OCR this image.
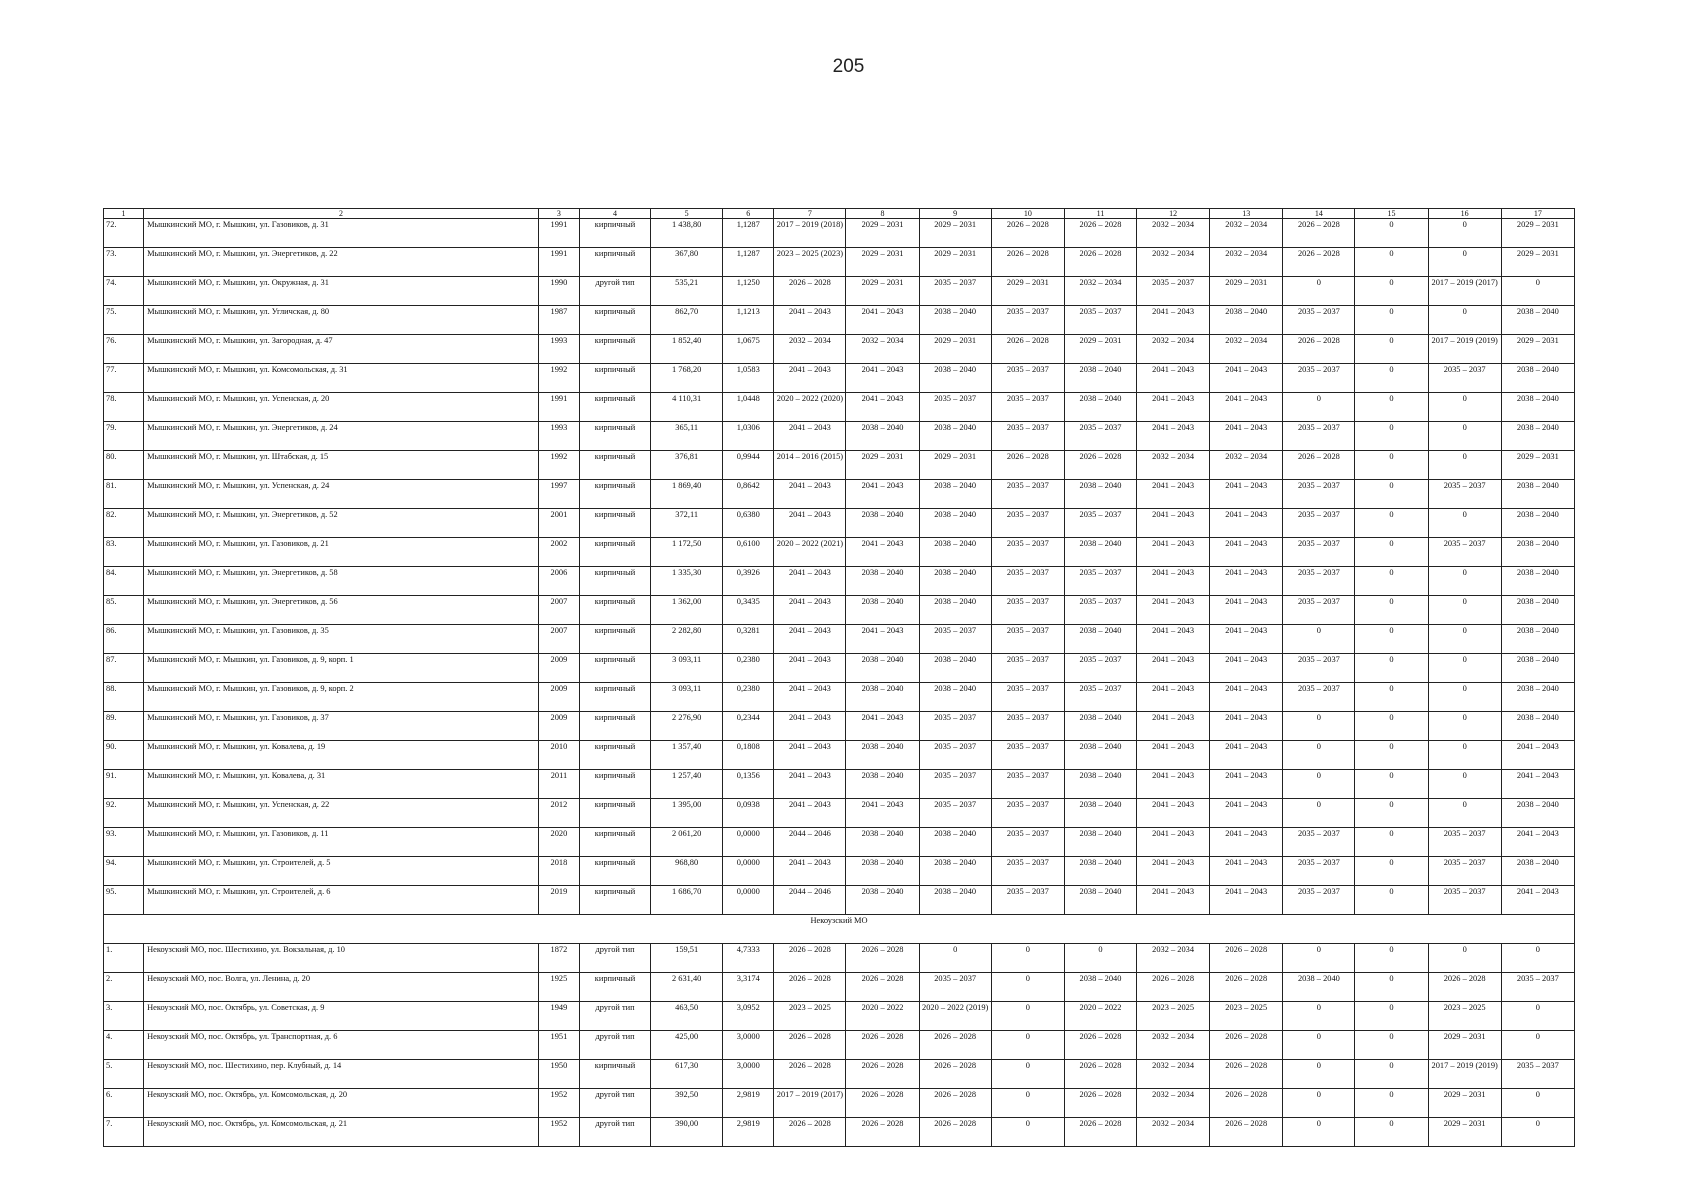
205
1	2	3	4	5	6	7	8	9	10	11	12	13	14	15	16	17
72.	Мышкинский МО, г. Мышкин, ул. Газовиков, д. 31	1991	кирпичный	1 438,80	1,1287	2017 – 2019 (2018)	2029 – 2031	2029 – 2031	2026 – 2028	2026 – 2028	2032 – 2034	2032 – 2034	2026 – 2028	0	0	2029 – 2031
73.	Мышкинский МО, г. Мышкин, ул. Энергетиков, д. 22	1991	кирпичный	367,80	1,1287	2023 – 2025 (2023)	2029 – 2031	2029 – 2031	2026 – 2028	2026 – 2028	2032 – 2034	2032 – 2034	2026 – 2028	0	0	2029 – 2031
74.	Мышкинский МО, г. Мышкин, ул. Окружная, д. 31	1990	другой тип	535,21	1,1250	2026 – 2028	2029 – 2031	2035 – 2037	2029 – 2031	2032 – 2034	2035 – 2037	2029 – 2031	0	0	2017 – 2019 (2017)	0
75.	Мышкинский МО, г. Мышкин, ул. Угличская, д. 80	1987	кирпичный	862,70	1,1213	2041 – 2043	2041 – 2043	2038 – 2040	2035 – 2037	2035 – 2037	2041 – 2043	2038 – 2040	2035 – 2037	0	0	2038 – 2040
76.	Мышкинский МО, г. Мышкин, ул. Загородная, д. 47	1993	кирпичный	1 852,40	1,0675	2032 – 2034	2032 – 2034	2029 – 2031	2026 – 2028	2029 – 2031	2032 – 2034	2032 – 2034	2026 – 2028	0	2017 – 2019 (2019)	2029 – 2031
77.	Мышкинский МО, г. Мышкин, ул. Комсомольская, д. 31	1992	кирпичный	1 768,20	1,0583	2041 – 2043	2041 – 2043	2038 – 2040	2035 – 2037	2038 – 2040	2041 – 2043	2041 – 2043	2035 – 2037	0	2035 – 2037	2038 – 2040
78.	Мышкинский МО, г. Мышкин, ул. Успенская, д. 20	1991	кирпичный	4 110,31	1,0448	2020 – 2022 (2020)	2041 – 2043	2035 – 2037	2035 – 2037	2038 – 2040	2041 – 2043	2041 – 2043	0	0	0	2038 – 2040
79.	Мышкинский МО, г. Мышкин, ул. Энергетиков, д. 24	1993	кирпичный	365,11	1,0306	2041 – 2043	2038 – 2040	2038 – 2040	2035 – 2037	2035 – 2037	2041 – 2043	2041 – 2043	2035 – 2037	0	0	2038 – 2040
80.	Мышкинский МО, г. Мышкин, ул. Штабская, д. 15	1992	кирпичный	376,81	0,9944	2014 – 2016 (2015)	2029 – 2031	2029 – 2031	2026 – 2028	2026 – 2028	2032 – 2034	2032 – 2034	2026 – 2028	0	0	2029 – 2031
81.	Мышкинский МО, г. Мышкин, ул. Успенская, д. 24	1997	кирпичный	1 869,40	0,8642	2041 – 2043	2041 – 2043	2038 – 2040	2035 – 2037	2038 – 2040	2041 – 2043	2041 – 2043	2035 – 2037	0	2035 – 2037	2038 – 2040
82.	Мышкинский МО, г. Мышкин, ул. Энергетиков, д. 52	2001	кирпичный	372,11	0,6380	2041 – 2043	2038 – 2040	2038 – 2040	2035 – 2037	2035 – 2037	2041 – 2043	2041 – 2043	2035 – 2037	0	0	2038 – 2040
83.	Мышкинский МО, г. Мышкин, ул. Газовиков, д. 21	2002	кирпичный	1 172,50	0,6100	2020 – 2022 (2021)	2041 – 2043	2038 – 2040	2035 – 2037	2038 – 2040	2041 – 2043	2041 – 2043	2035 – 2037	0	2035 – 2037	2038 – 2040
84.	Мышкинский МО, г. Мышкин, ул. Энергетиков, д. 58	2006	кирпичный	1 335,30	0,3926	2041 – 2043	2038 – 2040	2038 – 2040	2035 – 2037	2035 – 2037	2041 – 2043	2041 – 2043	2035 – 2037	0	0	2038 – 2040
85.	Мышкинский МО, г. Мышкин, ул. Энергетиков, д. 56	2007	кирпичный	1 362,00	0,3435	2041 – 2043	2038 – 2040	2038 – 2040	2035 – 2037	2035 – 2037	2041 – 2043	2041 – 2043	2035 – 2037	0	0	2038 – 2040
86.	Мышкинский МО, г. Мышкин, ул. Газовиков, д. 35	2007	кирпичный	2 282,80	0,3281	2041 – 2043	2041 – 2043	2035 – 2037	2035 – 2037	2038 – 2040	2041 – 2043	2041 – 2043	0	0	0	2038 – 2040
87.	Мышкинский МО, г. Мышкин, ул. Газовиков, д. 9, корп. 1	2009	кирпичный	3 093,11	0,2380	2041 – 2043	2038 – 2040	2038 – 2040	2035 – 2037	2035 – 2037	2041 – 2043	2041 – 2043	2035 – 2037	0	0	2038 – 2040
88.	Мышкинский МО, г. Мышкин, ул. Газовиков, д. 9, корп. 2	2009	кирпичный	3 093,11	0,2380	2041 – 2043	2038 – 2040	2038 – 2040	2035 – 2037	2035 – 2037	2041 – 2043	2041 – 2043	2035 – 2037	0	0	2038 – 2040
89.	Мышкинский МО, г. Мышкин, ул. Газовиков, д. 37	2009	кирпичный	2 276,90	0,2344	2041 – 2043	2041 – 2043	2035 – 2037	2035 – 2037	2038 – 2040	2041 – 2043	2041 – 2043	0	0	0	2038 – 2040
90.	Мышкинский МО, г. Мышкин, ул. Ковалева, д. 19	2010	кирпичный	1 357,40	0,1808	2041 – 2043	2038 – 2040	2035 – 2037	2035 – 2037	2038 – 2040	2041 – 2043	2041 – 2043	0	0	0	2041 – 2043
91.	Мышкинский МО, г. Мышкин, ул. Ковалева, д. 31	2011	кирпичный	1 257,40	0,1356	2041 – 2043	2038 – 2040	2035 – 2037	2035 – 2037	2038 – 2040	2041 – 2043	2041 – 2043	0	0	0	2041 – 2043
92.	Мышкинский МО, г. Мышкин, ул. Успенская, д. 22	2012	кирпичный	1 395,00	0,0938	2041 – 2043	2041 – 2043	2035 – 2037	2035 – 2037	2038 – 2040	2041 – 2043	2041 – 2043	0	0	0	2038 – 2040
93.	Мышкинский МО, г. Мышкин, ул. Газовиков, д. 11	2020	кирпичный	2 061,20	0,0000	2044 – 2046	2038 – 2040	2038 – 2040	2035 – 2037	2038 – 2040	2041 – 2043	2041 – 2043	2035 – 2037	0	2035 – 2037	2041 – 2043
94.	Мышкинский МО, г. Мышкин, ул. Строителей, д. 5	2018	кирпичный	968,80	0,0000	2041 – 2043	2038 – 2040	2038 – 2040	2035 – 2037	2038 – 2040	2041 – 2043	2041 – 2043	2035 – 2037	0	2035 – 2037	2038 – 2040
95.	Мышкинский МО, г. Мышкин, ул. Строителей, д. 6	2019	кирпичный	1 686,70	0,0000	2044 – 2046	2038 – 2040	2038 – 2040	2035 – 2037	2038 – 2040	2041 – 2043	2041 – 2043	2035 – 2037	0	2035 – 2037	2041 – 2043
Некоузский МО																
1.	Некоузский МО, пос. Шестихино, ул. Вокзальная, д. 10	1872	другой тип	159,51	4,7333	2026 – 2028	2026 – 2028	0	0	0	2032 – 2034	2026 – 2028	0	0	0	0
2.	Некоузский МО, пос. Волга, ул. Ленина, д. 20	1925	кирпичный	2 631,40	3,3174	2026 – 2028	2026 – 2028	2035 – 2037	0	2038 – 2040	2026 – 2028	2026 – 2028	2038 – 2040	0	2026 – 2028	2035 – 2037
3.	Некоузский МО, пос. Октябрь, ул. Советская, д. 9	1949	другой тип	463,50	3,0952	2023 – 2025	2020 – 2022	2020 – 2022 (2019)	0	2020 – 2022	2023 – 2025	2023 – 2025	0	0	2023 – 2025	0
4.	Некоузский МО, пос. Октябрь, ул. Транспортная, д. 6	1951	другой тип	425,00	3,0000	2026 – 2028	2026 – 2028	2026 – 2028	0	2026 – 2028	2032 – 2034	2026 – 2028	0	0	2029 – 2031	0
5.	Некоузский МО, пос. Шестихино, пер. Клубный, д. 14	1950	кирпичный	617,30	3,0000	2026 – 2028	2026 – 2028	2026 – 2028	0	2026 – 2028	2032 – 2034	2026 – 2028	0	0	2017 – 2019 (2019)	2035 – 2037
6.	Некоузский МО, пос. Октябрь, ул. Комсомольская, д. 20	1952	другой тип	392,50	2,9819	2017 – 2019 (2017)	2026 – 2028	2026 – 2028	0	2026 – 2028	2032 – 2034	2026 – 2028	0	0	2029 – 2031	0
7.	Некоузский МО, пос. Октябрь, ул. Комсомольская, д. 21	1952	другой тип	390,00	2,9819	2026 – 2028	2026 – 2028	2026 – 2028	0	2026 – 2028	2032 – 2034	2026 – 2028	0	0	2029 – 2031	0
